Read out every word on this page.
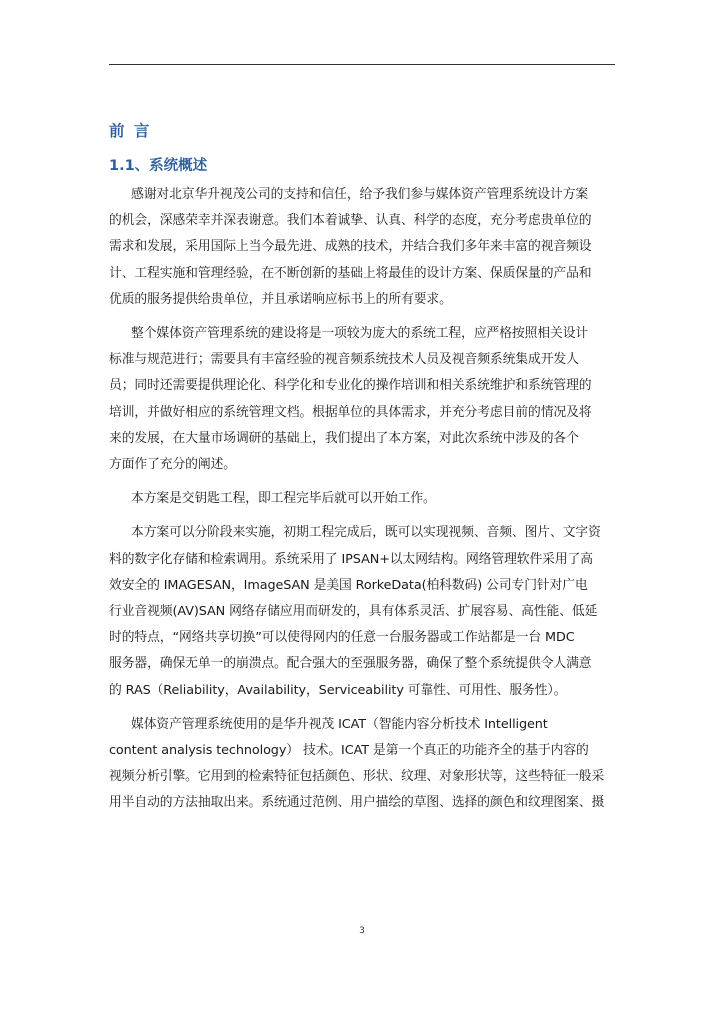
前 言
1.1、系统概述
感谢对北京华升视茂公司的支持和信任，给予我们参与媒体资产管理系统设计方案
的机会，深感荣幸并深表谢意。我们本着诚挚、认真、科学的态度，充分考虑贵单位的
需求和发展，采用国际上当今最先进、成熟的技术，并结合我们多年来丰富的视音频设
计、工程实施和管理经验，在不断创新的基础上将最佳的设计方案、保质保量的产品和
优质的服务提供给贵单位，并且承诺响应标书上的所有要求。
整个媒体资产管理系统的建设将是一项较为庞大的系统工程，应严格按照相关设计
标准与规范进行；需要具有丰富经验的视音频系统技术人员及视音频系统集成开发人
员；同时还需要提供理论化、科学化和专业化的操作培训和相关系统维护和系统管理的
培训，并做好相应的系统管理文档。根据单位的具体需求，并充分考虑目前的情况及将
来的发展，在大量市场调研的基础上，我们提出了本方案，对此次系统中涉及的各个
方面作了充分的阐述。
本方案是交钥匙工程，即工程完毕后就可以开始工作。
本方案可以分阶段来实施，初期工程完成后，既可以实现视频、音频、图片、文字资
料的数字化存储和检索调用。系统采用了 IPSAN+以太网结构。网络管理软件采用了高
效安全的 IMAGESAN，ImageSAN 是美国 RorkeData(柏科数码) 公司专门针对广电
行业音视频(AV)SAN 网络存储应用而研发的，具有体系灵活、扩展容易、高性能、低延
时的特点，“网络共享切换”可以使得网内的任意一台服务器或工作站都是一台 MDC
服务器，确保无单一的崩溃点。配合强大的至强服务器，确保了整个系统提供令人满意
的 RAS（Reliability，Availability，Serviceability 可靠性、可用性、服务性）。
媒体资产管理系统使用的是华升视茂 ICAT（智能内容分析技术 Intelligent
content analysis technology） 技术。ICAT 是第一个真正的功能齐全的基于内容的
视频分析引擎。它用到的检索特征包括颜色、形状、纹理、对象形状等，这些特征一般采
用半自动的方法抽取出来。系统通过范例、用户描绘的草图、选择的颜色和纹理图案、摄
3
